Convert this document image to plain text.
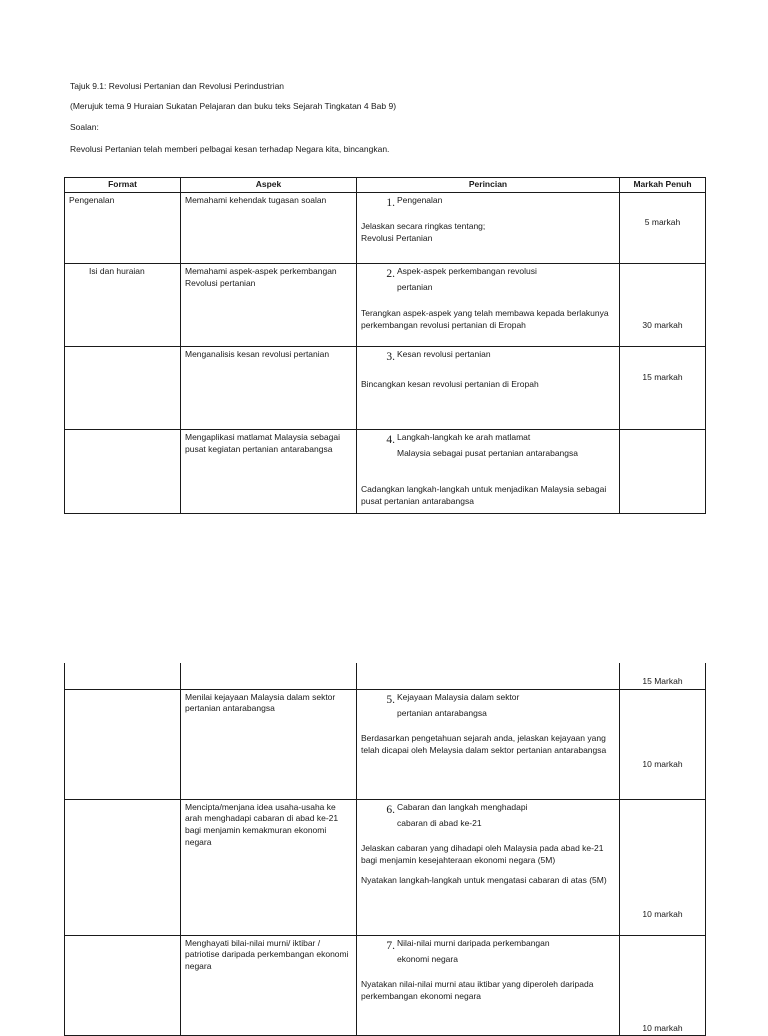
Tajuk 9.1: Revolusi Pertanian dan Revolusi Perindustrian
(Merujuk tema 9 Huraian Sukatan Pelajaran dan buku teks Sejarah Tingkatan 4 Bab 9)
Soalan:
Revolusi Pertanian telah memberi pelbagai kesan terhadap Negara kita, bincangkan.
Format	Aspek	Perincian	Markah Penuh
Pengenalan	Memahami kehendak tugasan soalan	1. Pengenalan

Jelaskan secara ringkas tentang;

Revolusi Pertanian	5 markah
Isi dan huraian	Memahami aspek-aspek perkembangan Revolusi pertanian	2. Aspek-aspek perkembangan revolusi
pertanian

Terangkan aspek-aspek yang telah membawa kepada berlakunya perkembangan revolusi pertanian di Eropah	30 markah
	Menganalisis kesan revolusi pertanian	3. Kesan revolusi pertanian

Bincangkan kesan revolusi pertanian di Eropah	15 markah
	Mengaplikasi matlamat Malaysia sebagai pusat kegiatan pertanian antarabangsa	4. Langkah-langkah ke arah matlamat
Malaysia sebagai pusat pertanian antarabangsa

Cadangkan langkah-langkah untuk menjadikan Malaysia sebagai pusat pertanian antarabangsa	

			15 Markah
	Menilai kejayaan Malaysia dalam sektor pertanian antarabangsa	5. Kejayaan Malaysia dalam sektor
pertanian antarabangsa

Berdasarkan pengetahuan sejarah anda, jelaskan kejayaan yang telah dicapai oleh Melaysia dalam sektor pertanian antarabangsa	10 markah
	Mencipta/menjana idea usaha-usaha ke arah menghadapi cabaran di abad ke-21 bagi menjamin kemakmuran ekonomi negara	6. Cabaran dan langkah menghadapi
cabaran di abad ke-21

Jelaskan cabaran yang dihadapi oleh Malaysia pada abad ke-21 bagi menjamin kesejahteraan ekonomi negara (5M)

Nyatakan langkah-langkah untuk mengatasi cabaran di atas (5M)	10 markah
	Menghayati bilai-nilai murni/ iktibar / patriotise daripada perkembangan ekonomi negara	7. Nilai-nilai murni daripada perkembangan
ekonomi negara

Nyatakan nilai-nilai murni atau iktibar yang diperoleh daripada perkembangan ekonomi negara	10 markah
